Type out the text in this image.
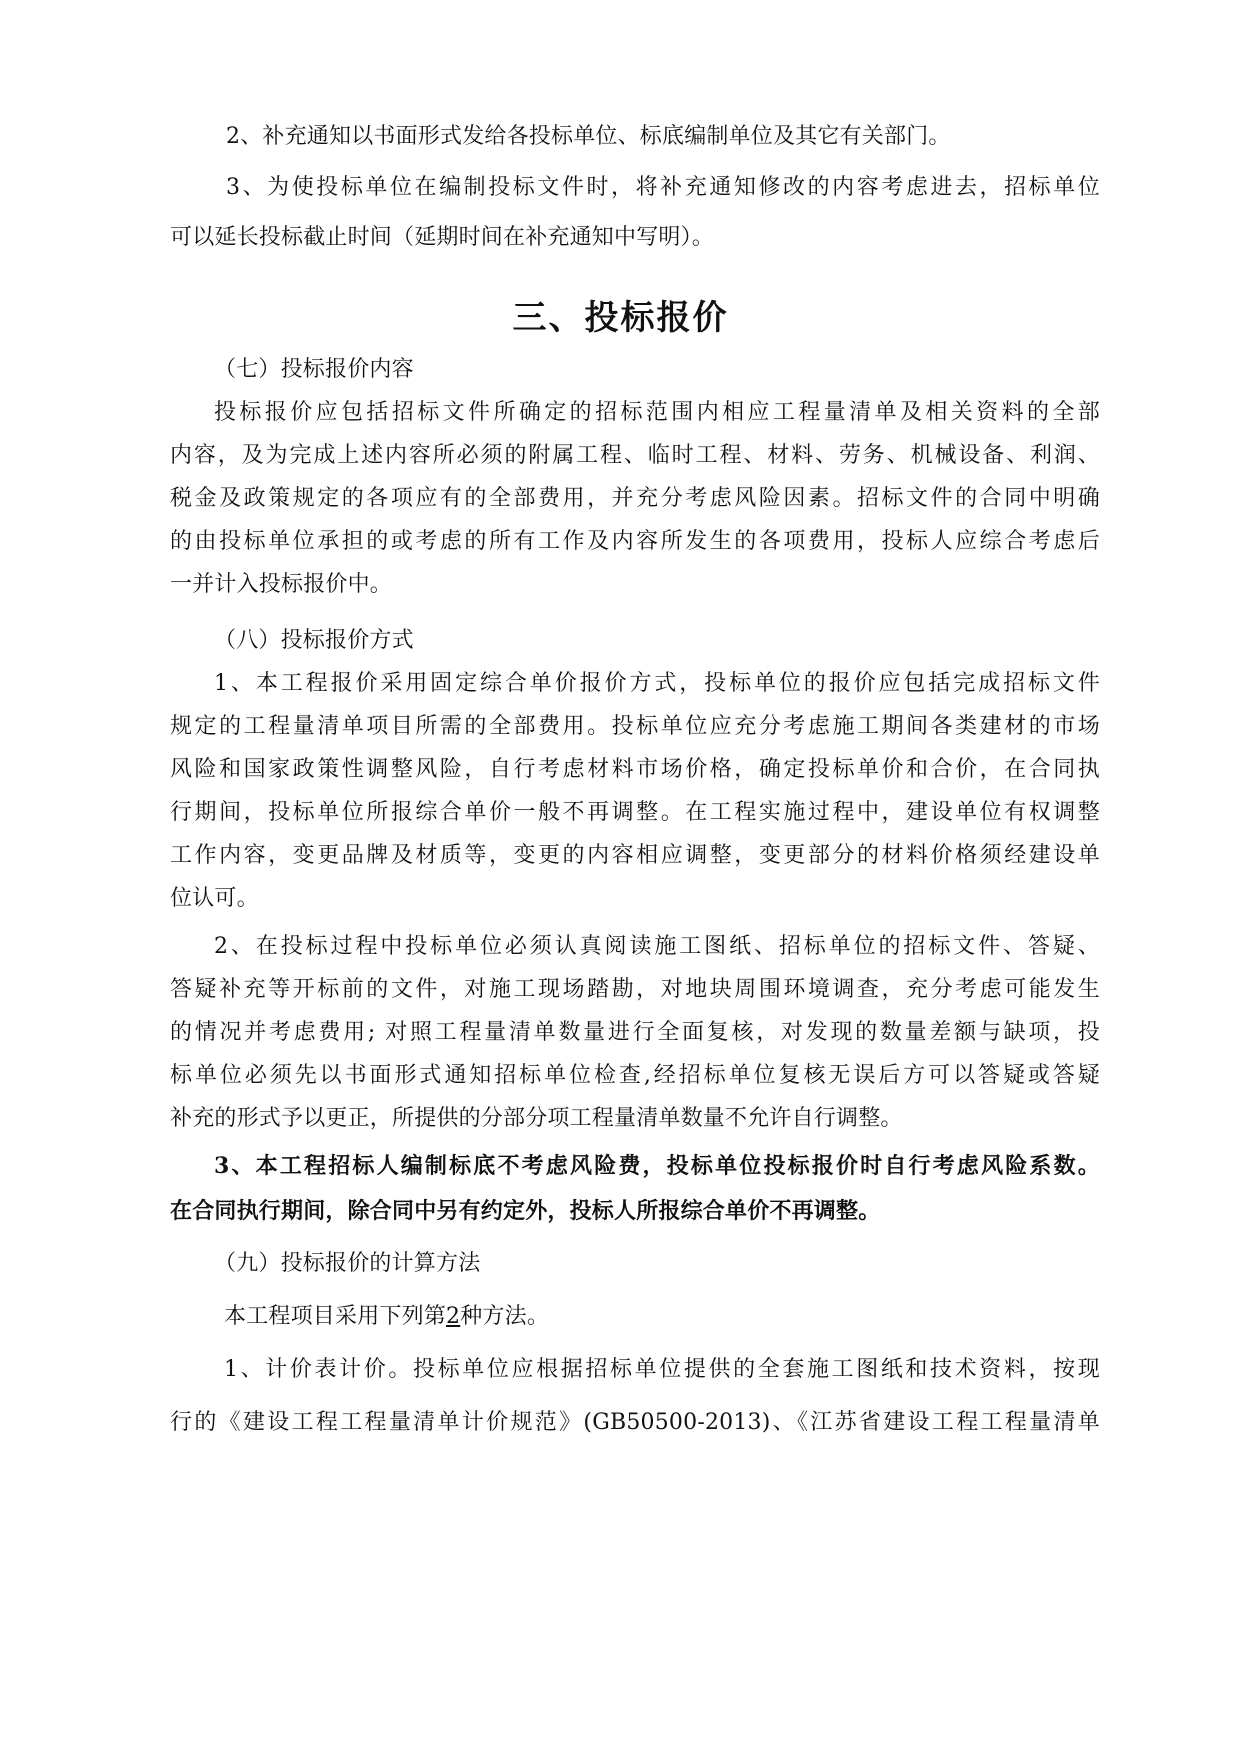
2、补充通知以书面形式发给各投标单位、标底编制单位及其它有关部门。
3、为使投标单位在编制投标文件时，将补充通知修改的内容考虑进去，招标单位
可以延长投标截止时间（延期时间在补充通知中写明）。
三、投标报价
（七）投标报价内容
投标报价应包括招标文件所确定的招标范围内相应工程量清单及相关资料的全部
内容，及为完成上述内容所必须的附属工程、临时工程、材料、劳务、机械设备、利润、
税金及政策规定的各项应有的全部费用，并充分考虑风险因素。招标文件的合同中明确
的由投标单位承担的或考虑的所有工作及内容所发生的各项费用，投标人应综合考虑后
一并计入投标报价中。
（八）投标报价方式
1、本工程报价采用固定综合单价报价方式，投标单位的报价应包括完成招标文件
规定的工程量清单项目所需的全部费用。投标单位应充分考虑施工期间各类建材的市场
风险和国家政策性调整风险，自行考虑材料市场价格，确定投标单价和合价，在合同执
行期间，投标单位所报综合单价一般不再调整。在工程实施过程中，建设单位有权调整
工作内容，变更品牌及材质等，变更的内容相应调整，变更部分的材料价格须经建设单
位认可。
2、在投标过程中投标单位必须认真阅读施工图纸、招标单位的招标文件、答疑、
答疑补充等开标前的文件，对施工现场踏勘，对地块周围环境调查，充分考虑可能发生
的情况并考虑费用; 对照工程量清单数量进行全面复核，对发现的数量差额与缺项，投
标单位必须先以书面形式通知招标单位检查,经招标单位复核无误后方可以答疑或答疑
补充的形式予以更正，所提供的分部分项工程量清单数量不允许自行调整。
3、本工程招标人编制标底不考虑风险费，投标单位投标报价时自行考虑风险系数。
在合同执行期间，除合同中另有约定外，投标人所报综合单价不再调整。
（九）投标报价的计算方法
本工程项目采用下列第2种方法。
1、计价表计价。投标单位应根据招标单位提供的全套施工图纸和技术资料，按现
行的《建设工程工程量清单计价规范》(GB50500-2013)、《江苏省建设工程工程量清单
